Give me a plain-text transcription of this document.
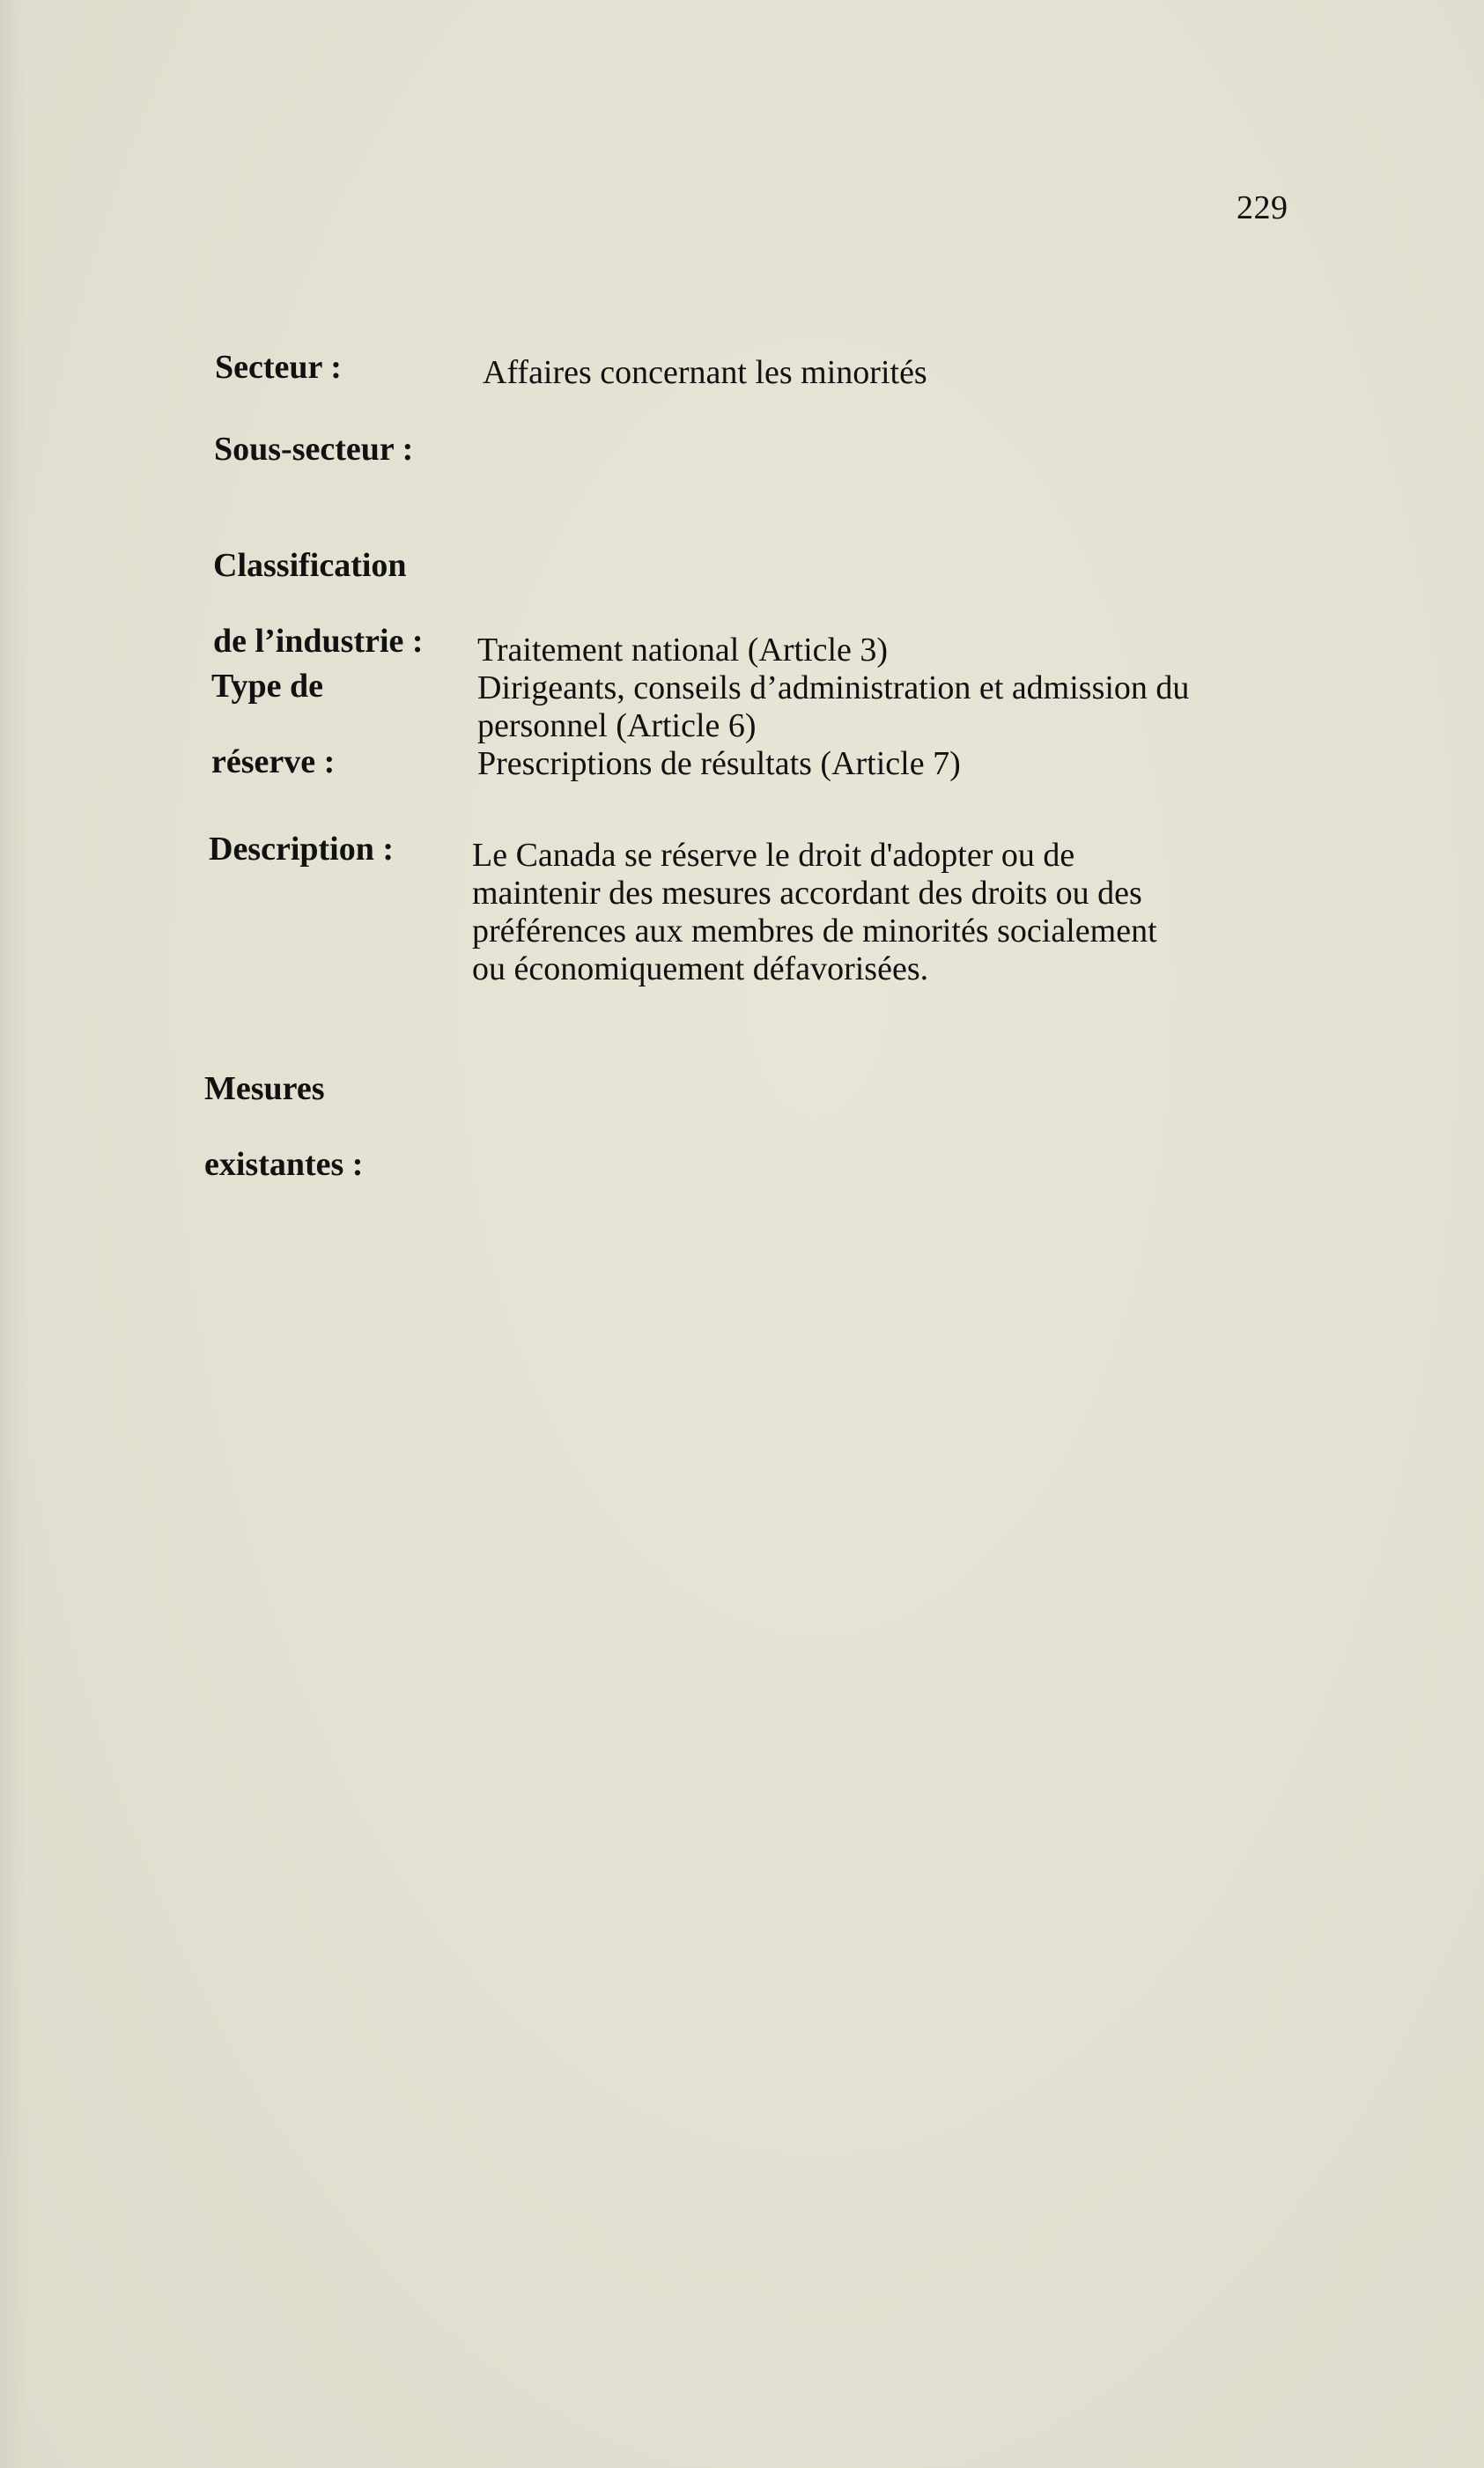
229
Secteur :	Affaires concernant les minorités
Sous-secteur :

Classification

de l’industrie :

Type de

réserve :

Traitement national (Article 3)
Dirigeants, conseils d’administration et admission du
personnel (Article 6)
Prescriptions de résultats (Article 7)
Description :	Le Canada se réserve le droit d'adopter ou de
maintenir des mesures accordant des droits ou des
préférences aux membres de minorités socialement
ou économiquement défavorisées.

Mesures

existantes :
